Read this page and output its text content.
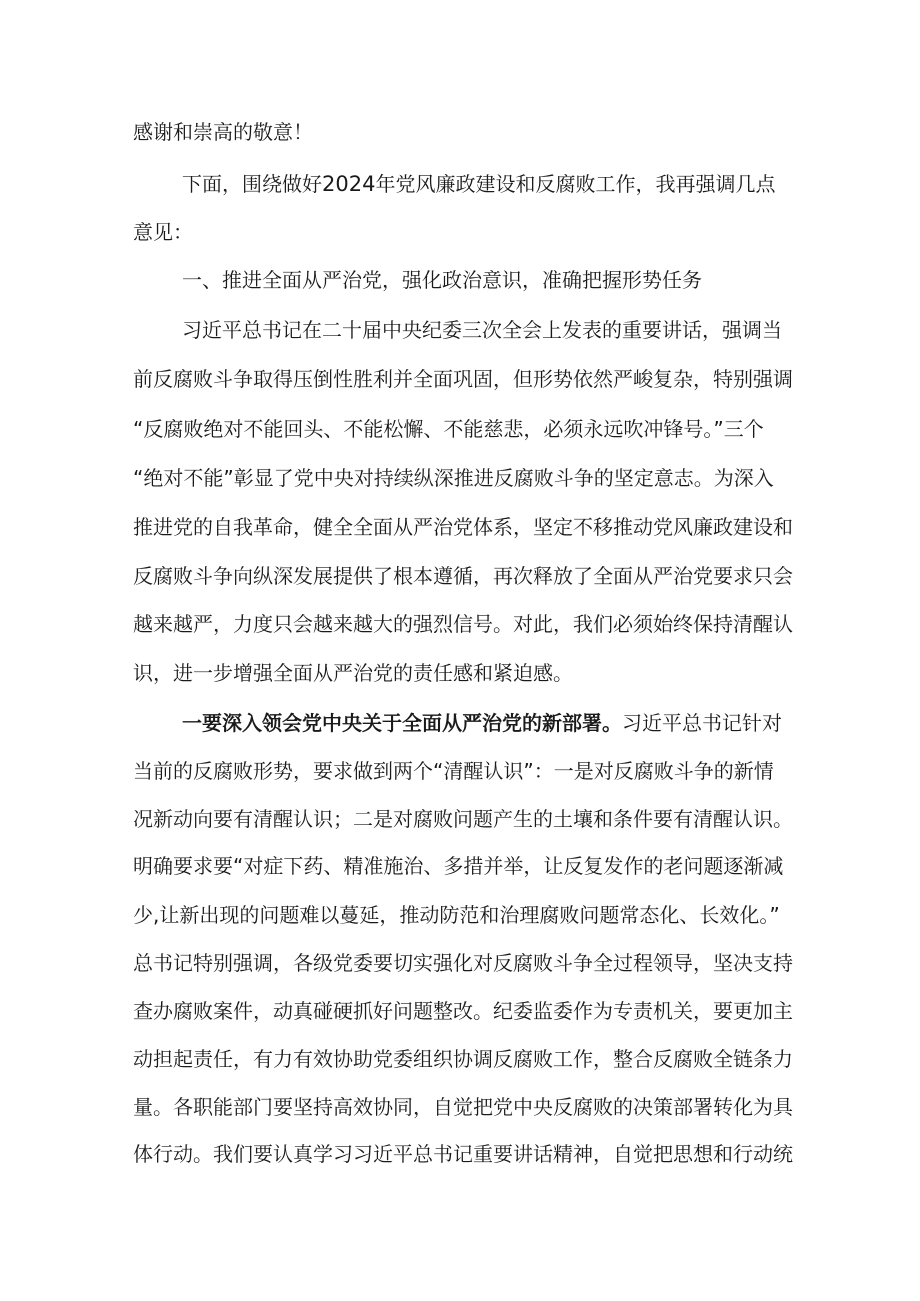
感谢和崇高的敬意！
下面，围绕做好2024年党风廉政建设和反腐败工作，我再强调几点
意见：
一、推进全面从严治党，强化政治意识，准确把握形势任务
习近平总书记在二十届中央纪委三次全会上发表的重要讲话，强调当
前反腐败斗争取得压倒性胜利并全面巩固，但形势依然严峻复杂，特别强调
“反腐败绝对不能回头、不能松懈、不能慈悲，必须永远吹冲锋号。”三个
“绝对不能”彰显了党中央对持续纵深推进反腐败斗争的坚定意志。为深入
推进党的自我革命，健全全面从严治党体系，坚定不移推动党风廉政建设和
反腐败斗争向纵深发展提供了根本遵循，再次释放了全面从严治党要求只会
越来越严，力度只会越来越大的强烈信号。对此，我们必须始终保持清醒认
识，进一步增强全面从严治党的责任感和紧迫感。
一要深入领会党中央关于全面从严治党的新部署。习近平总书记针对
当前的反腐败形势，要求做到两个“清醒认识”：一是对反腐败斗争的新情
况新动向要有清醒认识；二是对腐败问题产生的土壤和条件要有清醒认识。
明确要求要“对症下药、精准施治、多措并举，让反复发作的老问题逐渐减
少,让新出现的问题难以蔓延，推动防范和治理腐败问题常态化、长效化。”
总书记特别强调，各级党委要切实强化对反腐败斗争全过程领导，坚决支持
查办腐败案件，动真碰硬抓好问题整改。纪委监委作为专责机关，要更加主
动担起责任，有力有效协助党委组织协调反腐败工作，整合反腐败全链条力
量。各职能部门要坚持高效协同，自觉把党中央反腐败的决策部署转化为具
体行动。我们要认真学习习近平总书记重要讲话精神，自觉把思想和行动统
